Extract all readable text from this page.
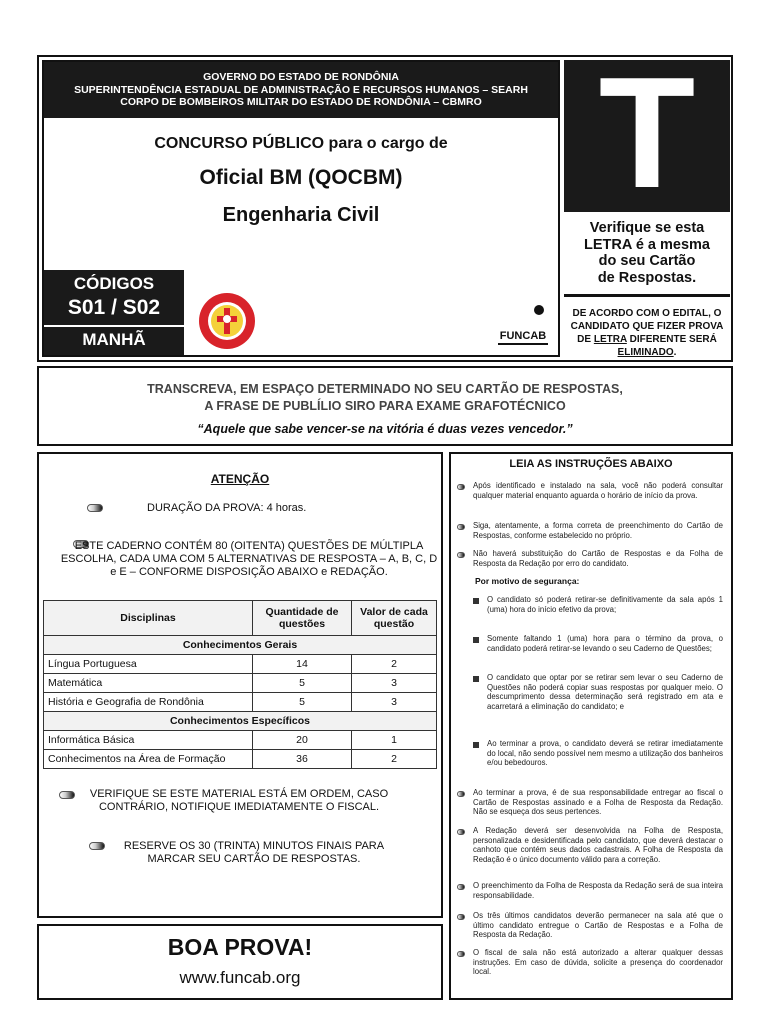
GOVERNO DO ESTADO DE RONDÔNIA
SUPERINTENDÊNCIA ESTADUAL DE ADMINISTRAÇÃO E RECURSOS HUMANOS – SEARH
CORPO DE BOMBEIROS MILITAR DO ESTADO DE RONDÔNIA – CBMRO
CONCURSO PÚBLICO para o cargo de
Oficial BM (QOCBM)
Engenharia Civil
CÓDIGOS
S01 / S02
MANHÃ	FUNCAB
T
Verifique se esta
LETRA é a mesma
do seu Cartão
de Respostas.
DE ACORDO COM O EDITAL, O CANDIDATO QUE FIZER PROVA DE LETRA DIFERENTE SERÁ ELIMINADO.
TRANSCREVA, EM ESPAÇO DETERMINADO NO SEU CARTÃO DE RESPOSTAS,
A FRASE DE PUBLÍLIO SIRO PARA EXAME GRAFOTÉCNICO
“Aquele que sabe vencer-se na vitória é duas vezes vencedor.”
ATENÇÃO
DURAÇÃO DA PROVA: 4 horas.
ESTE CADERNO CONTÉM 80 (OITENTA) QUESTÕES DE MÚLTIPLA ESCOLHA, CADA UMA COM 5 ALTERNATIVAS DE RESPOSTA – A, B, C, D e E – CONFORME DISPOSIÇÃO ABAIXO e REDAÇÃO.
Disciplinas	Quantidade de questões	Valor de cada questão
Conhecimentos Gerais		
Língua Portuguesa	14	2
Matemática	5	3
História e Geografia de Rondônia	5	3
Conhecimentos Específicos		
Informática Básica	20	1
Conhecimentos na Área de Formação	36	2
VERIFIQUE SE ESTE MATERIAL ESTÁ EM ORDEM, CASO CONTRÁRIO, NOTIFIQUE IMEDIATAMENTE O FISCAL.
RESERVE OS 30 (TRINTA) MINUTOS FINAIS PARA MARCAR SEU CARTÃO DE RESPOSTAS.
BOA PROVA!
www.funcab.org
LEIA AS INSTRUÇÕES ABAIXO
Após identificado e instalado na sala, você não poderá consultar qualquer material enquanto aguarda o horário de início da prova.
Siga, atentamente, a forma correta de preenchimento do Cartão de Respostas, conforme estabelecido no próprio.
Não haverá substituição do Cartão de Respostas e da Folha de Resposta da Redação por erro do candidato.
Por motivo de segurança:
O candidato só poderá retirar-se definitivamente da sala após 1 (uma) hora do início efetivo da prova;
Somente faltando 1 (uma) hora para o término da prova, o candidato poderá retirar-se levando o seu Caderno de Questões;
O candidato que optar por se retirar sem levar o seu Caderno de Questões não poderá copiar suas respostas por qualquer meio. O descumprimento dessa determinação será registrado em ata e acarretará a eliminação do candidato; e
Ao terminar a prova, o candidato deverá se retirar imediatamente do local, não sendo possível nem mesmo a utilização dos banheiros e/ou bebedouros.
Ao terminar a prova, é de sua responsabilidade entregar ao fiscal o Cartão de Respostas assinado e a Folha de Resposta da Redação. Não se esqueça dos seus pertences.
A Redação deverá ser desenvolvida na Folha de Resposta, personalizada e desidentificada pelo candidato, que deverá destacar o canhoto que contém seus dados cadastrais. A Folha de Resposta da Redação é o único documento válido para a correção.
O preenchimento da Folha de Resposta da Redação será de sua inteira responsabilidade.
Os três últimos candidatos deverão permanecer na sala até que o último candidato entregue o Cartão de Respostas e a Folha de Resposta da Redação.
O fiscal de sala não está autorizado a alterar qualquer dessas instruções. Em caso de dúvida, solicite a presença do coordenador local.
